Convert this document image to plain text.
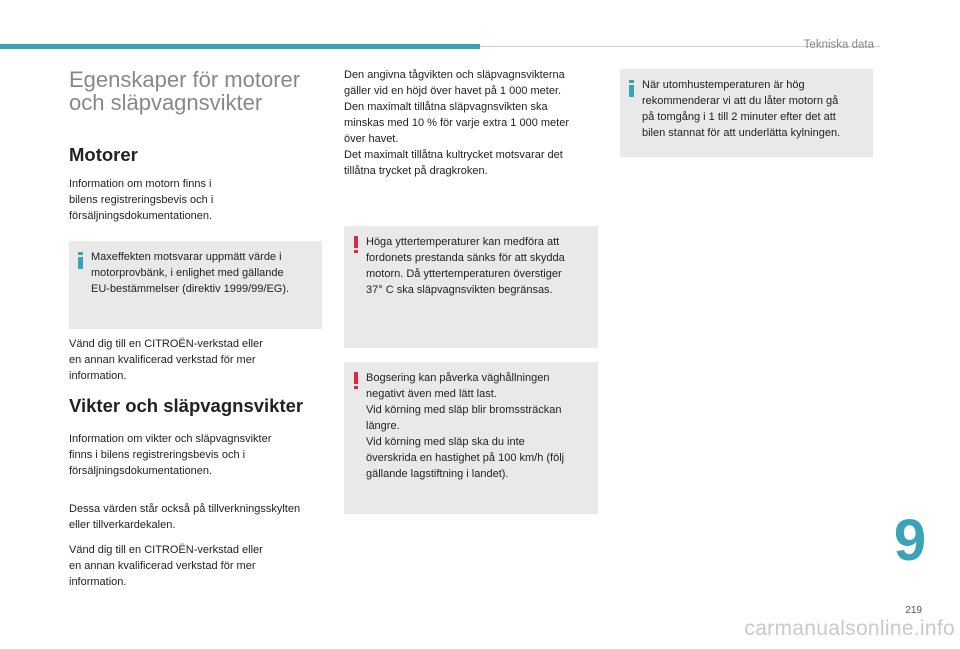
Tekniska data
Egenskaper för motorer
och släpvagnsvikter
Motorer

Information om motorn finns i
bilens registreringsbevis och i
försäljningsdokumentationen.

Maxeffekten motsvarar uppmätt värde i
motorprovbänk, i enlighet med gällande
EU-bestämmelser (direktiv 1999/99/EG).

Vänd dig till en CITROËN-verkstad eller
en annan kvalificerad verkstad för mer
information.

Vikter och släpvagnsvikter

Information om vikter och släpvagnsvikter
finns i bilens registreringsbevis och i
försäljningsdokumentationen.

Dessa värden står också på tillverkningsskylten
eller tillverkardekalen.

Vänd dig till en CITROËN-verkstad eller
en annan kvalificerad verkstad för mer
information.

Den angivna tågvikten och släpvagnsvikterna
gäller vid en höjd över havet på 1 000 meter.
Den maximalt tillåtna släpvagnsvikten ska
minskas med 10 % för varje extra 1 000 meter
över havet.
Det maximalt tillåtna kultrycket motsvarar det
tillåtna trycket på dragkroken.

Höga yttertemperaturer kan medföra att
fordonets prestanda sänks för att skydda
motorn. Då yttertemperaturen överstiger
37° C ska släpvagnsvikten begränsas.
Bogsering kan påverka väghållningen
negativt även med lätt last.
Vid körning med släp blir bromssträckan
längre.
Vid körning med släp ska du inte
överskrida en hastighet på 100 km/h (följ
gällande lagstiftning i landet).
När utomhustemperaturen är hög
rekommenderar vi att du låter motorn gå
på tomgång i 1 till 2 minuter efter det att
bilen stannat för att underlätta kylningen.
9
219
carmanualsonline.info
